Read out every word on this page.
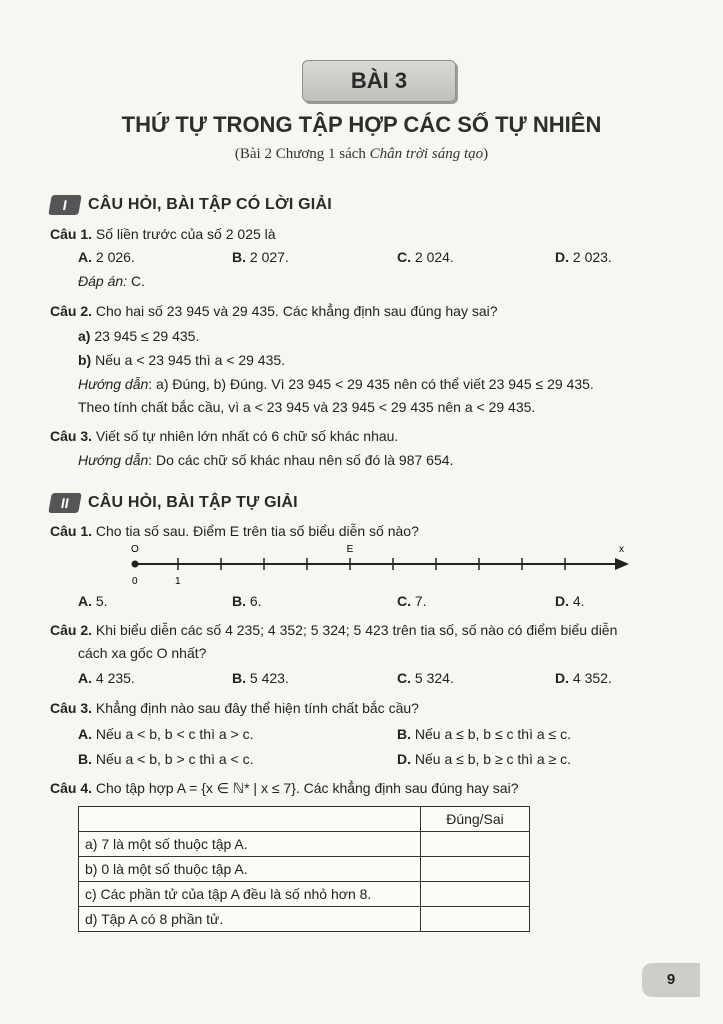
BÀI 3
THỨ TỰ TRONG TẬP HỢP CÁC SỐ TỰ NHIÊN
(Bài 2 Chương 1 sách Chân trời sáng tạo)
I	CÂU HỎI, BÀI TẬP CÓ LỜI GIẢI
Câu 1. Số liền trước của số 2 025 là
A. 2 026.	B. 2 027.	C. 2 024.	D. 2 023.
Đáp án: C.
Câu 2. Cho hai số 23 945 và 29 435. Các khẳng định sau đúng hay sai?
a) 23 945 ≤ 29 435.
b) Nếu a < 23 945 thì a < 29 435.
Hướng dẫn: a) Đúng, b) Đúng. Vì 23 945 < 29 435 nên có thể viết 23 945 ≤ 29 435.
Theo tính chất bắc cầu, vì a < 23 945 và 23 945 < 29 435 nên a < 29 435.
Câu 3. Viết số tự nhiên lớn nhất có 6 chữ số khác nhau.
Hướng dẫn: Do các chữ số khác nhau nên số đó là 987 654.
II	CÂU HỎI, BÀI TẬP TỰ GIẢI
Câu 1. Cho tia số sau. Điểm E trên tia số biểu diễn số nào?
O	E	x
0	1
A. 5.	B. 6.	C. 7.	D. 4.
Câu 2. Khi biểu diễn các số 4 235; 4 352; 5 324; 5 423 trên tia số, số nào có điểm biểu diễn
cách xa gốc O nhất?
A. 4 235.	B. 5 423.	C. 5 324.	D. 4 352.
Câu 3. Khẳng định nào sau đây thể hiện tính chất bắc cầu?
A. Nếu a < b, b < c thì a > c.	B. Nếu a ≤ b, b ≤ c thì a ≤ c.
B. Nếu a < b, b > c thì a < c.	D. Nếu a ≤ b, b ≥ c thì a ≥ c.
Câu 4. Cho tập hợp A = {x ∈ ℕ* | x ≤ 7}. Các khẳng định sau đúng hay sai?
	Đúng/Sai
a) 7 là một số thuộc tập A.	
b) 0 là một số thuộc tập A.	
c) Các phần tử của tập A đều là số nhỏ hơn 8.	
d) Tập A có 8 phần tử.	
9
